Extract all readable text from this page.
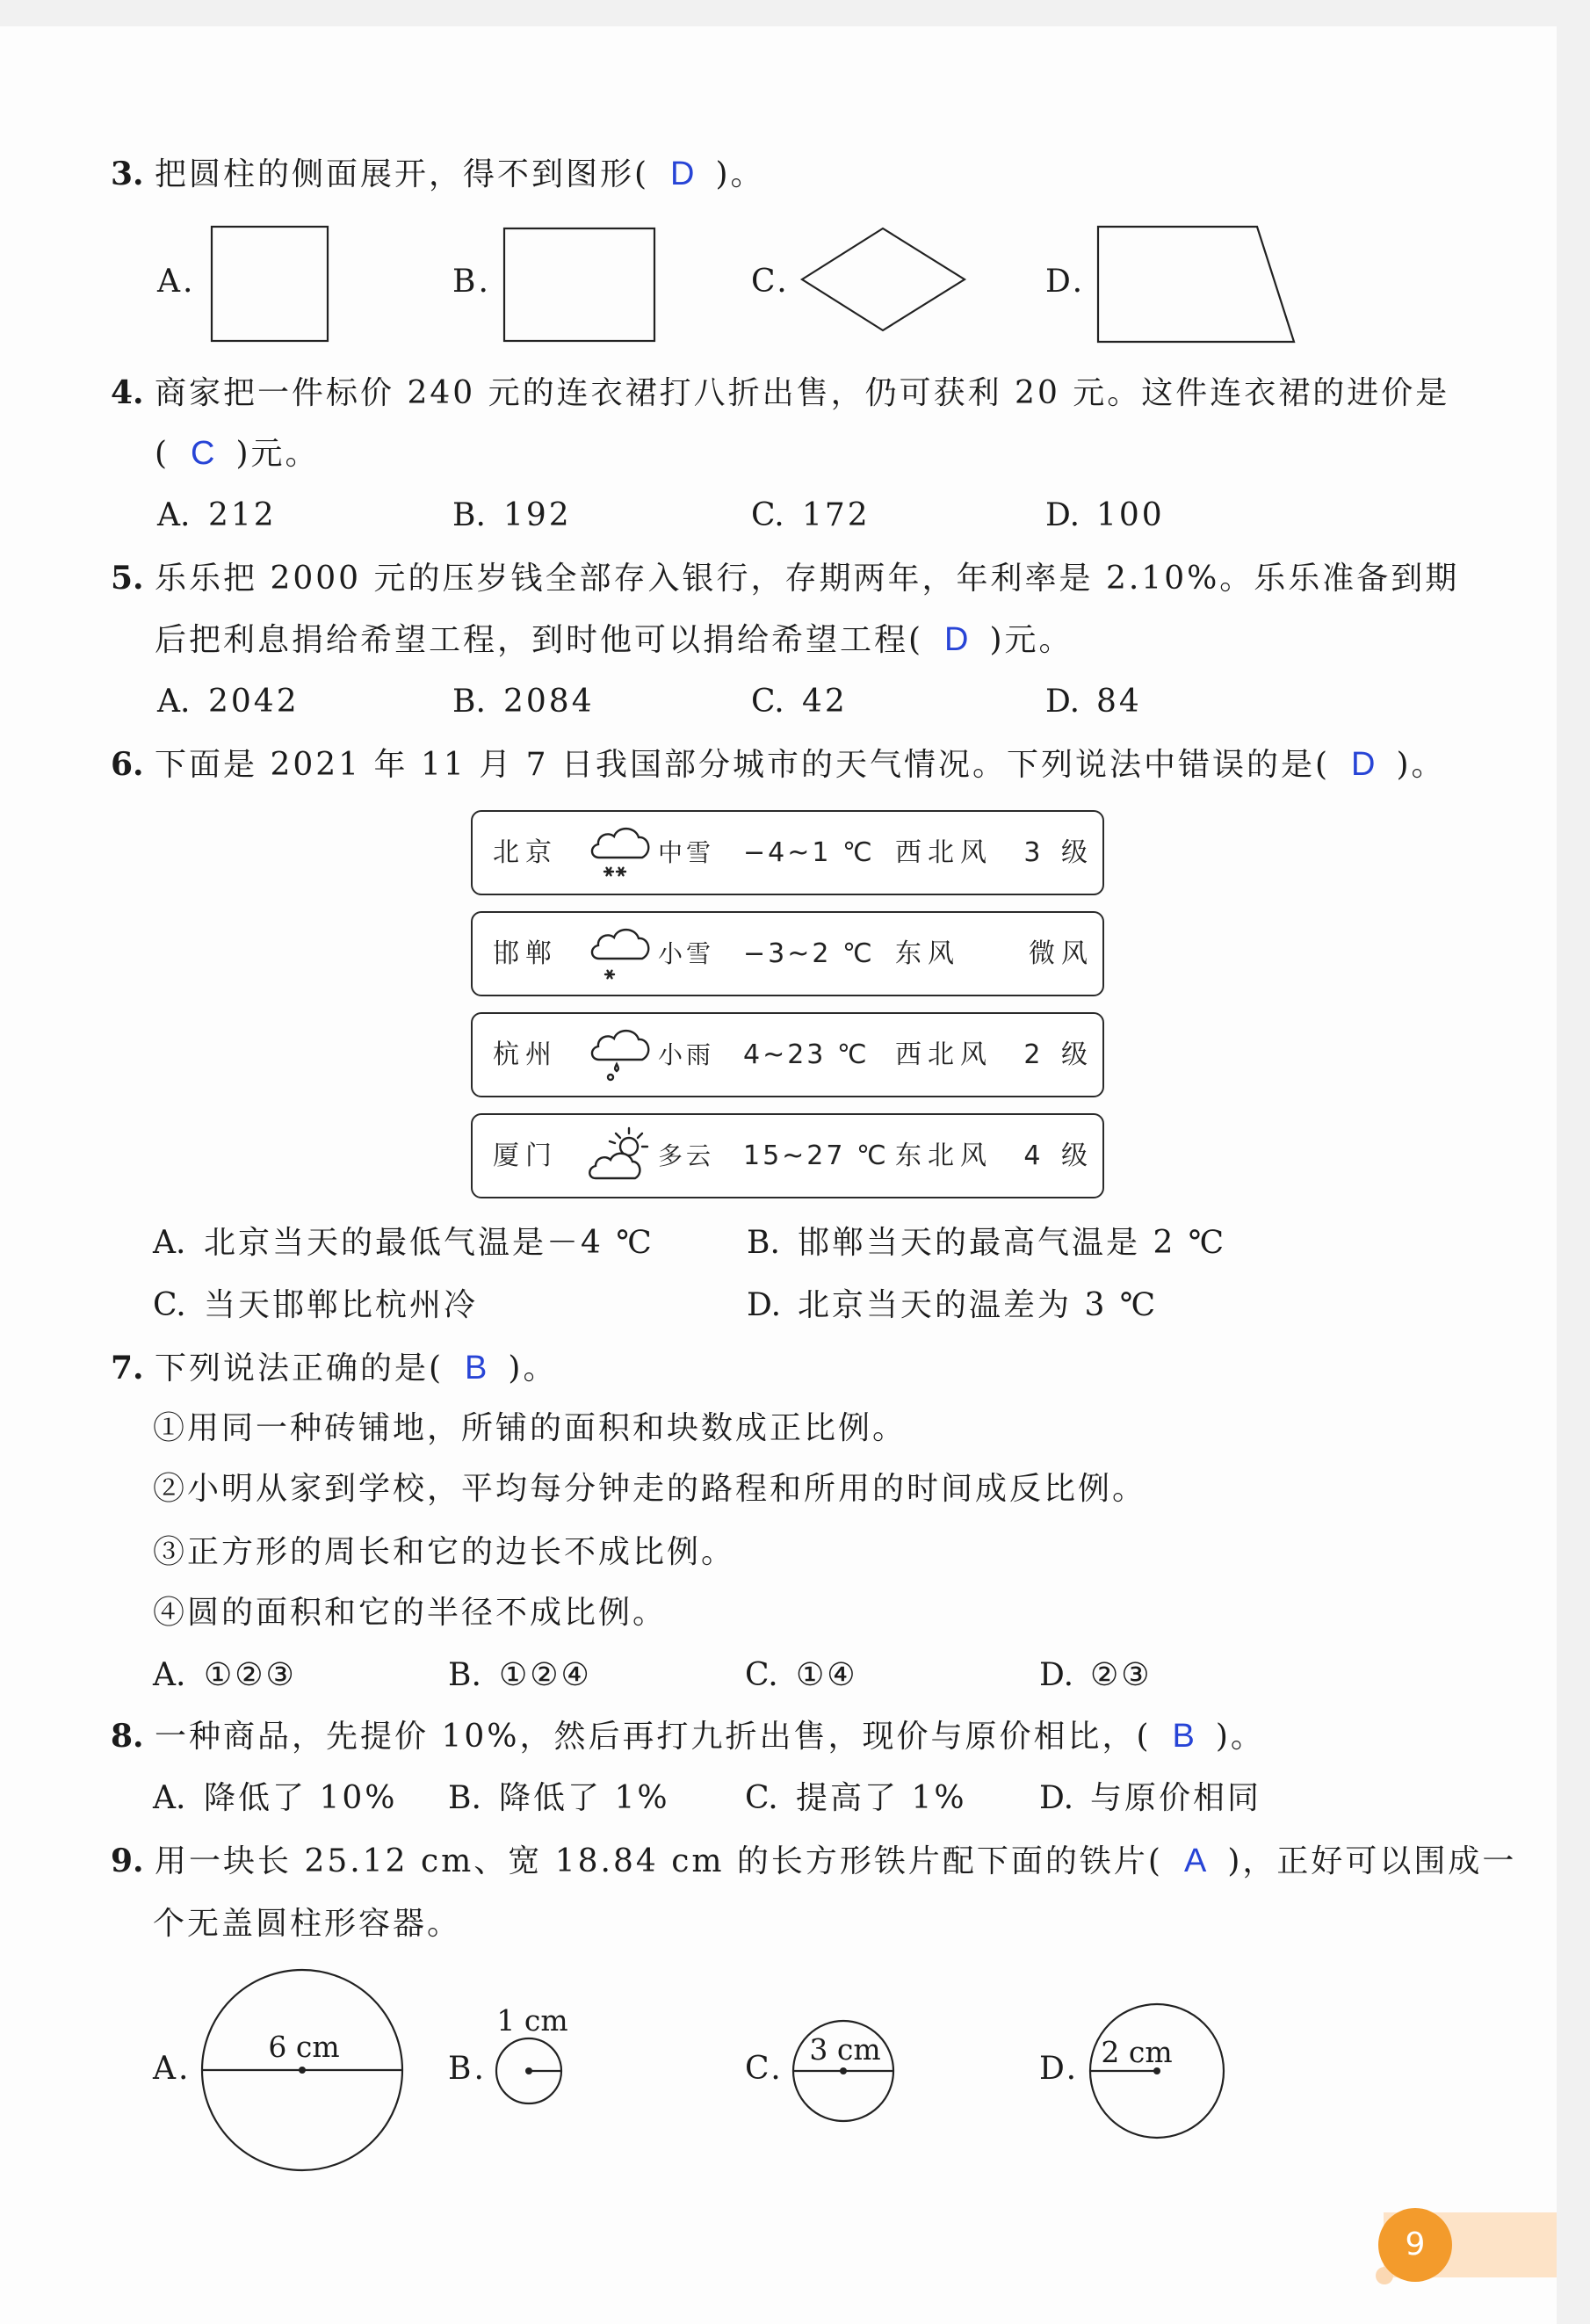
3. 把圆柱的侧面展开，得不到图形( D )。
A.	B.	C.	D.
4. 商家把一件标价 240 元的连衣裙打八折出售，仍可获利 20 元。这件连衣裙的进价是
( C )元。
A. 212	B. 192	C. 172	D. 100
5. 乐乐把 2000 元的压岁钱全部存入银行，存期两年，年利率是 2.10%。乐乐准备到期
后把利息捐给希望工程，到时他可以捐给希望工程( D )元。
A. 2042	B. 2084	C. 42	D. 84
6. 下面是 2021 年 11 月 7 日我国部分城市的天气情况。下列说法中错误的是( D )。
北京	中雪 −4~1 ℃ 西北风 3 级
邯郸	小雪 −3~2 ℃ 东风	微风
杭州	小雨 4~23 ℃ 西北风 2 级
厦门	多云 15~27 ℃ 东北风 4 级
A. 北京当天的最低气温是－4 ℃	B. 邯郸当天的最高气温是 2 ℃
C. 当天邯郸比杭州冷	D. 北京当天的温差为 3 ℃
7. 下列说法正确的是( B )。
①用同一种砖铺地，所铺的面积和块数成正比例。
②小明从家到学校，平均每分钟走的路程和所用的时间成反比例。
③正方形的周长和它的边长不成比例。
④圆的面积和它的半径不成比例。
A. ①②③	B. ①②④	C. ①④	D. ②③
8. 一种商品，先提价 10%，然后再打九折出售，现价与原价相比，( B )。
A. 降低了 10% B. 降低了 1% C. 提高了 1% D. 与原价相同
9. 用一块长 25.12 cm、宽 18.84 cm 的长方形铁片配下面的铁片( A )，正好可以围成一
个无盖圆柱形容器。
A.	B.	C.	D.
6 cm
1 cm
3 cm	2 cm
9
